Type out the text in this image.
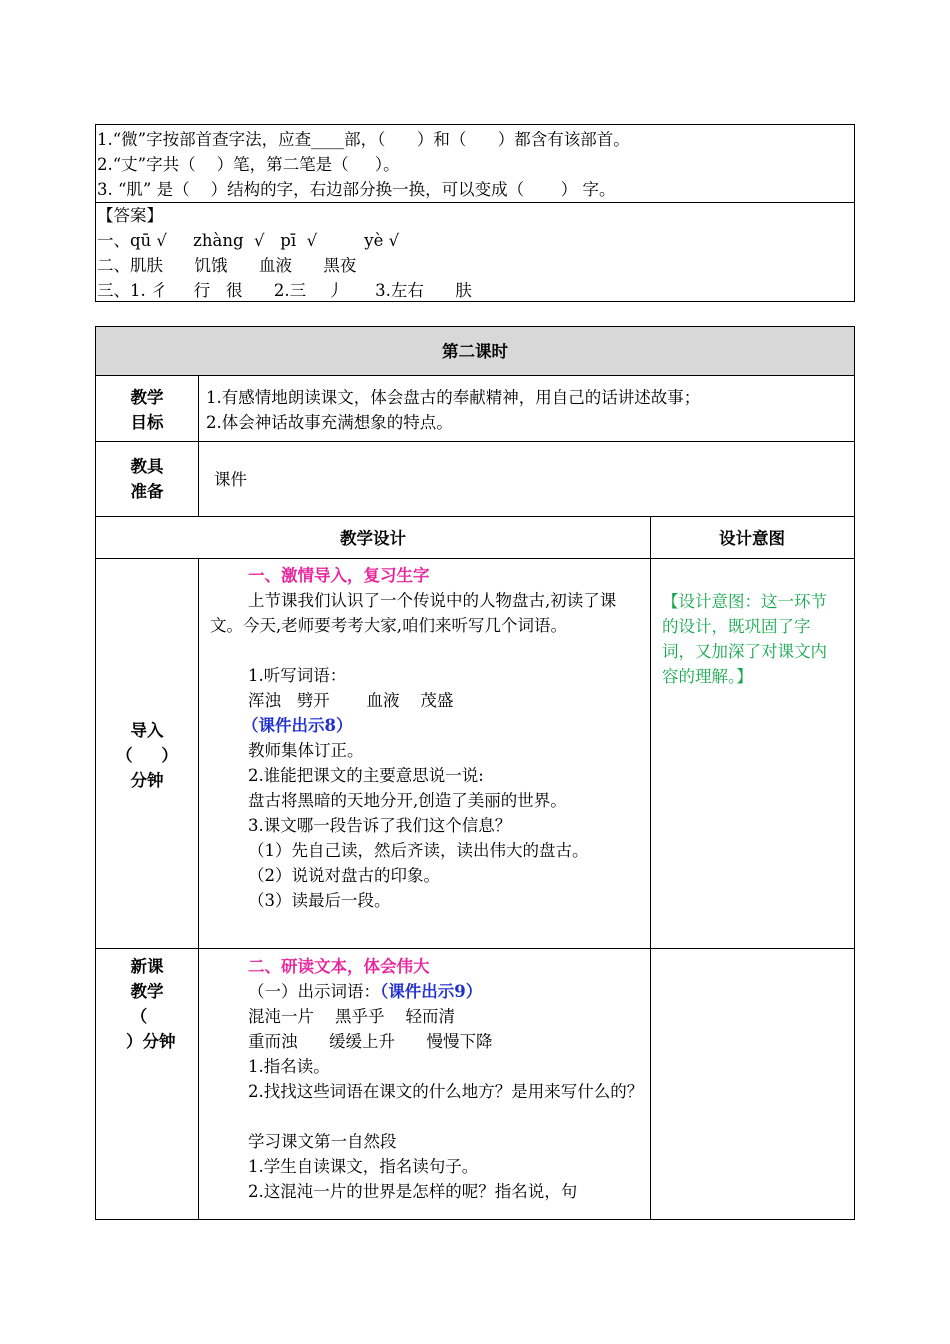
1.“微”字按部首查字法，应查____部，（      ）和（      ）都含有该部首。
2.“丈”字共（    ）笔，第二笔是（     ）。
3. “肌” 是（    ）结构的字，右边部分换一换，可以变成（       ） 字。
【答案】
一、qū √     zhàng  √   pī  √         yè √
二、肌肤      饥饿      血液      黑夜
三、1. 彳     行   很      2.三    丿      3.左右      肤
第二课时
教学
目标
1.有感情地朗读课文，体会盘古的奉献精神，用自己的话讲述故事；
2.体会神话故事充满想象的特点。
教具
准备
课件
教学设计	设计意图
导入
（     ）
分钟
一、激情导入，复习生字
上节课我们认识了一个传说中的人物盘古,初读了课文。今天,老师要考考大家,咱们来听写几个词语。
1.听写词语：
浑浊   劈开       血液    茂盛
（课件出示8）
教师集体订正。
2.谁能把课文的主要意思说一说:
盘古将黑暗的天地分开,创造了美丽的世界。
3.课文哪一段告诉了我们这个信息？
（1）先自己读，然后齐读，读出伟大的盘古。
（2）说说对盘古的印象。
（3）读最后一段。
【设计意图：这一环节的设计，既巩固了字词，又加深了对课文内容的理解。】
新课
教学
（
）分钟
二、研读文本，体会伟大
（一）出示词语：（课件出示9）
混沌一片    黑乎乎    轻而清
重而浊      缓缓上升      慢慢下降
1.指名读。
2.找找这些词语在课文的什么地方？是用来写什么的？
学习课文第一自然段
1.学生自读课文，指名读句子。
2.这混沌一片的世界是怎样的呢？指名说，句
